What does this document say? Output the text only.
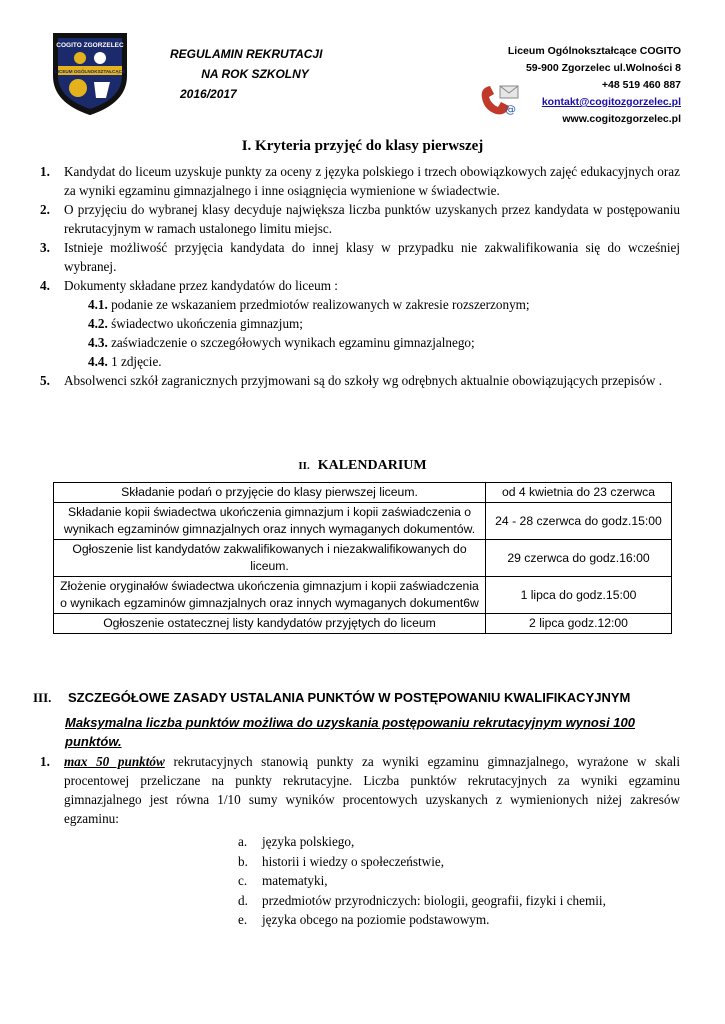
COGITO ZGORZELEC
LICEUM OGÓLNOKSZTAŁCĄCE
REGULAMIN REKRUTACJI
NA ROK SZKOLNY
2016/2017
@
Liceum Ogólnokształcące COGITO
59-900 Zgorzelec ul.Wolności 8
+48 519 460 887
kontakt@cogitozgorzelec.pl
www.cogitozgorzelec.pl
I. Kryteria przyjęć do klasy pierwszej
1. Kandydat do liceum uzyskuje punkty za oceny z języka polskiego i trzech obowiązkowych zajęć edukacyjnych oraz za wyniki egzaminu gimnazjalnego i inne osiągnięcia wymienione w świadectwie.
2. O przyjęciu do wybranej klasy decyduje największa liczba punktów uzyskanych przez kandydata w postępowaniu rekrutacyjnym w ramach ustalonego limitu miejsc.
3. Istnieje możliwość przyjęcia kandydata do innej klasy w przypadku nie zakwalifikowania się do wcześniej wybranej.
4. Dokumenty składane przez kandydatów do liceum :
4.1. podanie ze wskazaniem przedmiotów realizowanych w zakresie rozszerzonym;
4.2. świadectwo ukończenia gimnazjum;
4.3. zaświadczenie o szczegółowych wynikach egzaminu gimnazjalnego;
4.4. 1 zdjęcie.
5. Absolwenci szkół zagranicznych przyjmowani są do szkoły wg odrębnych aktualnie obowiązujących przepisów .
II. KALENDARIUM
Składanie podań o przyjęcie do klasy pierwszej liceum.	od 4 kwietnia do 23 czerwca
Składanie kopii świadectwa ukończenia gimnazjum i kopii zaświadczenia o wynikach egzaminów gimnazjalnych oraz innych wymaganych dokumentów.	24 - 28 czerwca do godz.15:00
Ogłoszenie list kandydatów zakwalifikowanych i niezakwalifikowanych do liceum.	29 czerwca do godz.16:00
Złożenie oryginałów świadectwa ukończenia gimnazjum i kopii zaświadczenia o wynikach egzaminów gimnazjalnych oraz innych wymaganych dokument6w	1 lipca do godz.15:00
Ogłoszenie ostatecznej listy kandydatów przyjętych do liceum	2 lipca godz.12:00
III. SZCZEGÓŁOWE ZASADY USTALANIA PUNKTÓW W POSTĘPOWANIU KWALIFIKACYJNYM
Maksymalna liczba punktów możliwa do uzyskania postępowaniu rekrutacyjnym wynosi 100 punktów.
1. max 50 punktów rekrutacyjnych stanowią punkty za wyniki egzaminu gimnazjalnego, wyrażone w skali procentowej przeliczane na punkty rekrutacyjne. Liczba punktów rekrutacyjnych za wyniki egzaminu gimnazjalnego jest równa 1/10 sumy wyników procentowych uzyskanych z wymienionych niżej zakresów egzaminu:
a. języka polskiego,
b. historii i wiedzy o społeczeństwie,
c. matematyki,
d. przedmiotów przyrodniczych: biologii, geografii, fizyki i chemii,
e. języka obcego na poziomie podstawowym.
